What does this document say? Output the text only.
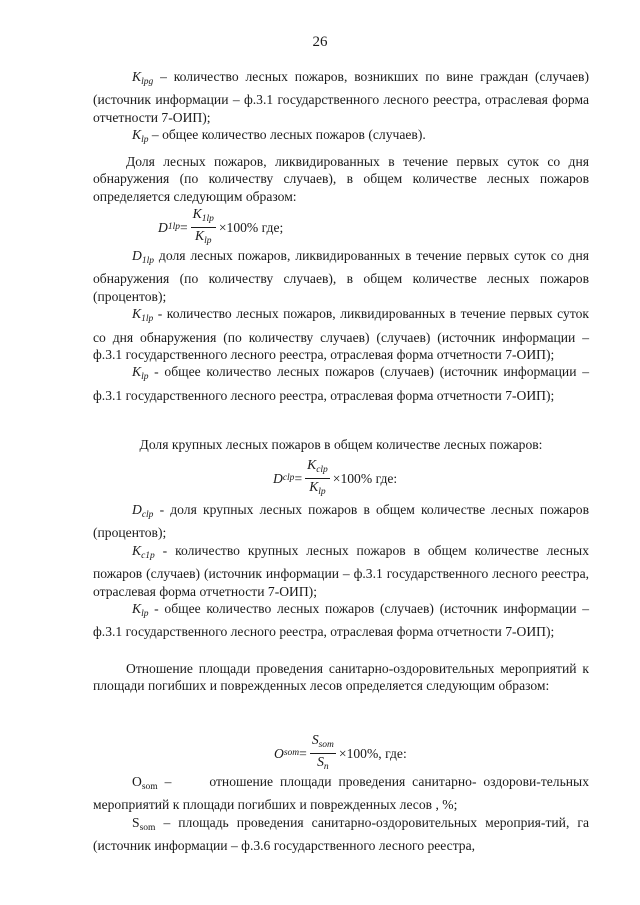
26

$K_{lpg}$ – количество лесных пожаров, возникших по вине граждан (случаев) (источник информации – ф.3.1 государственного лесного реестра, отраслевая форма отчетности 7-ОИП);

$K_{lp}$ – общее количество лесных пожаров (случаев).

Доля лесных пожаров, ликвидированных в течение первых суток со дня обнаружения (по количеству случаев), в общем количестве лесных пожаров определяется следующим образом:

D $1lp = \frac{K_{1lp}}{K_{lp}} \times 100\%$ где;

$D_{1lp}$ доля лесных пожаров, ликвидированных в течение первых суток со дня обнаружения (по количеству случаев), в общем количестве лесных пожаров (процентов);

$K_{1lp}$ - количество лесных пожаров, ликвидированных в течение первых суток со дня обнаружения (по количеству случаев) (случаев) (источник информации – ф.3.1 государственного лесного реестра, отраслевая форма отчетности 7-ОИП);

$K_{lp}$ - общее количество лесных пожаров (случаев) (источник информации – ф.3.1 государственного лесного реестра, отраслевая форма отчетности 7-ОИП);

Доля крупных лесных пожаров в общем количестве лесных пожаров:

D clp = $\frac{K_{clp}}{K_{lp}} \times 100\%$ где:

$D_{clp}$ - доля крупных лесных пожаров в общем количестве лесных пожаров (процентов);

$K_{c1p}$ - количество крупных лесных пожаров в общем количестве лесных пожаров (случаев) (источник информации – ф.3.1 государственного лесного реестра, отраслевая форма отчетности 7-ОИП);

$K_{lp}$ - общее количество лесных пожаров (случаев) (источник информации – ф.3.1 государственного лесного реестра, отраслевая форма отчетности 7-ОИП);

Отношение площади проведения санитарно-оздоровительных мероприятий к площади погибших и поврежденных лесов определяется следующим образом:

O som = $\frac{S_{som}}{S_n} \times 100\%$, где:

$O_{som}$ –	отношение площади проведения санитарно- оздорови-тельных мероприятий к площади погибших и поврежденных лесов , %;

$S_{som}$ – площадь проведения санитарно-оздоровительных мероприя-тий, га (источник информации – ф.3.6 государственного лесного реестра,
